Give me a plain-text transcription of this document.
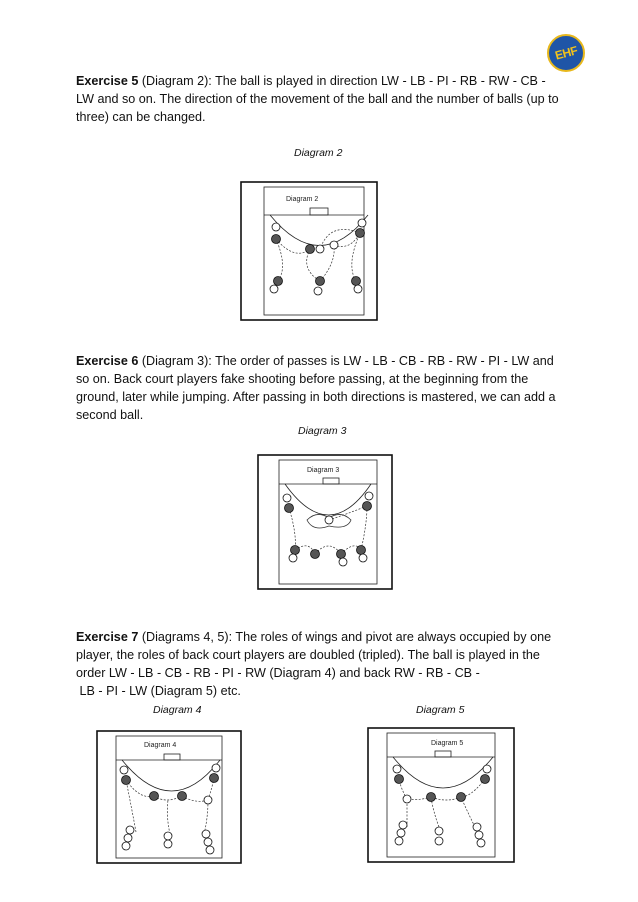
EHF

Exercise 5 (Diagram 2): The ball is played in direction LW - LB - PI - RB - RW - CB - LW and so on. The direction of the movement of the ball and the number of balls (up to three) can be changed.

Diagram 2
Diagram 2

Exercise 6 (Diagram 3): The order of passes is LW - LB - CB - RB - RW - PI - LW and so on. Back court players fake shooting before passing, at the beginning from the ground, later while jumping. After passing in both directions is mastered, we can add a second ball.

Diagram 3
Diagram 3

Exercise 7 (Diagrams 4, 5): The roles of wings and pivot are always occupied by one player, the roles of back court players are doubled (tripled). The ball is played in the order LW - LB - CB - RB - PI - RW (Diagram 4) and back RW - RB - CB -
LB - PI - LW (Diagram 5) etc.

Diagram 4	Diagram 5
Diagram 4	Diagram 5
